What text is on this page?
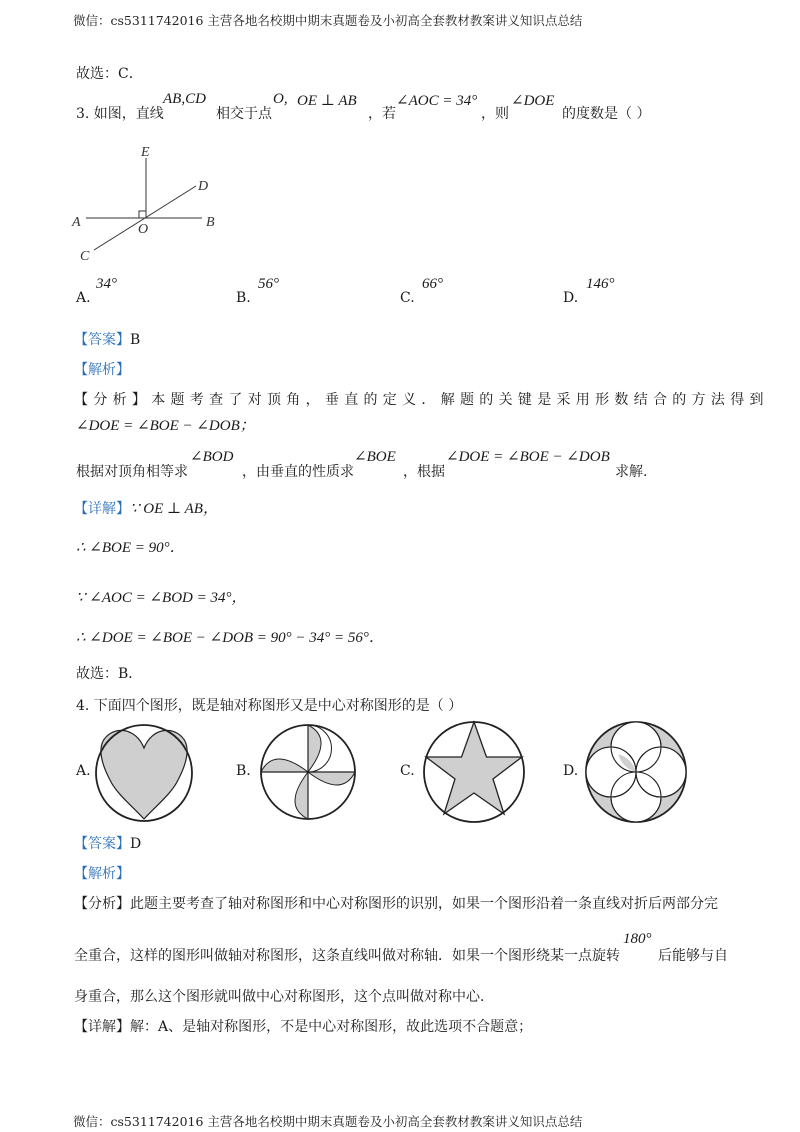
微信：cs5311742016 主营各地名校期中期末真题卷及小初高全套教材教案讲义知识点总结
故选：C．
3. 如图，直线
AB,CD
相交于点
O, OE ⊥ AB
，若
∠AOC = 34°
，则
∠DOE
的度数是（ ）
E
D
A	O	B
C
A.
34°
B.
56°
C.
66°
D.
146°
【答案】B
【解析】
【分析】本题考查了对顶角，垂直的定义．解题的关键是采用形数结合的方法得到
∠DOE = ∠BOE − ∠DOB；
根据对顶角相等求
∠BOD
，由垂直的性质求
∠BOE
，根据
∠DOE = ∠BOE − ∠DOB
求解.
【详解】∵ OE ⊥ AB，
∴ ∠BOE = 90°．
∵ ∠AOC = ∠BOD = 34°，
∴ ∠DOE = ∠BOE − ∠DOB = 90° − 34° = 56°．
故选：B．
4. 下面四个图形，既是轴对称图形又是中心对称图形的是（ ）
A.	B.	C.	D.
【答案】D
【解析】
【分析】此题主要考查了轴对称图形和中心对称图形的识别，如果一个图形沿着一条直线对折后两部分完
全重合，这样的图形叫做轴对称图形，这条直线叫做对称轴．如果一个图形绕某一点旋转
180°
后能够与自
身重合，那么这个图形就叫做中心对称图形，这个点叫做对称中心．
【详解】解：A、是轴对称图形，不是中心对称图形，故此选项不合题意；
微信：cs5311742016 主营各地名校期中期末真题卷及小初高全套教材教案讲义知识点总结
